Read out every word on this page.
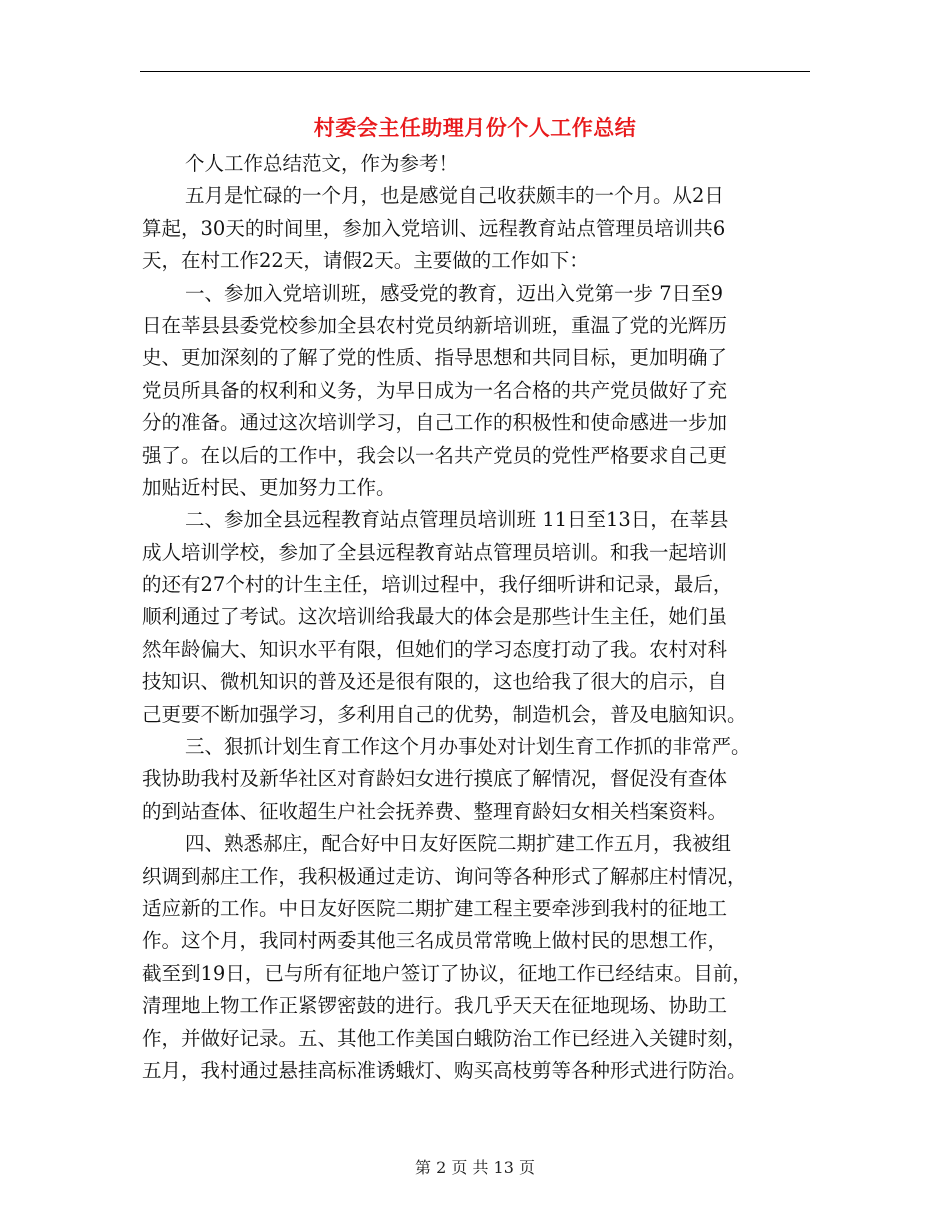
村委会主任助理月份个人工作总结
个人工作总结范文，作为参考！
五月是忙碌的一个月，也是感觉自己收获颇丰的一个月。从2日
算起，30天的时间里，参加入党培训、远程教育站点管理员培训共6
天，在村工作22天，请假2天。主要做的工作如下：
一、参加入党培训班，感受党的教育，迈出入党第一步 7日至9
日在莘县县委党校参加全县农村党员纳新培训班，重温了党的光辉历
史、更加深刻的了解了党的性质、指导思想和共同目标，更加明确了
党员所具备的权利和义务，为早日成为一名合格的共产党员做好了充
分的准备。通过这次培训学习，自己工作的积极性和使命感进一步加
强了。在以后的工作中，我会以一名共产党员的党性严格要求自己更
加贴近村民、更加努力工作。
二、参加全县远程教育站点管理员培训班 11日至13日，在莘县
成人培训学校，参加了全县远程教育站点管理员培训。和我一起培训
的还有27个村的计生主任，培训过程中，我仔细听讲和记录，最后，
顺利通过了考试。这次培训给我最大的体会是那些计生主任，她们虽
然年龄偏大、知识水平有限，但她们的学习态度打动了我。农村对科
技知识、微机知识的普及还是很有限的，这也给我了很大的启示，自
己更要不断加强学习，多利用自己的优势，制造机会，普及电脑知识。
三、狠抓计划生育工作这个月办事处对计划生育工作抓的非常严。
我协助我村及新华社区对育龄妇女进行摸底了解情况，督促没有查体
的到站查体、征收超生户社会抚养费、整理育龄妇女相关档案资料。
四、熟悉郝庄，配合好中日友好医院二期扩建工作五月，我被组
织调到郝庄工作，我积极通过走访、询问等各种形式了解郝庄村情况，
适应新的工作。中日友好医院二期扩建工程主要牵涉到我村的征地工
作。这个月，我同村两委其他三名成员常常晚上做村民的思想工作，
截至到19日，已与所有征地户签订了协议，征地工作已经结束。目前，
清理地上物工作正紧锣密鼓的进行。我几乎天天在征地现场、协助工
作，并做好记录。五、其他工作美国白蛾防治工作已经进入关键时刻，
五月，我村通过悬挂高标准诱蛾灯、购买高枝剪等各种形式进行防治。
第 2 页 共 13 页
